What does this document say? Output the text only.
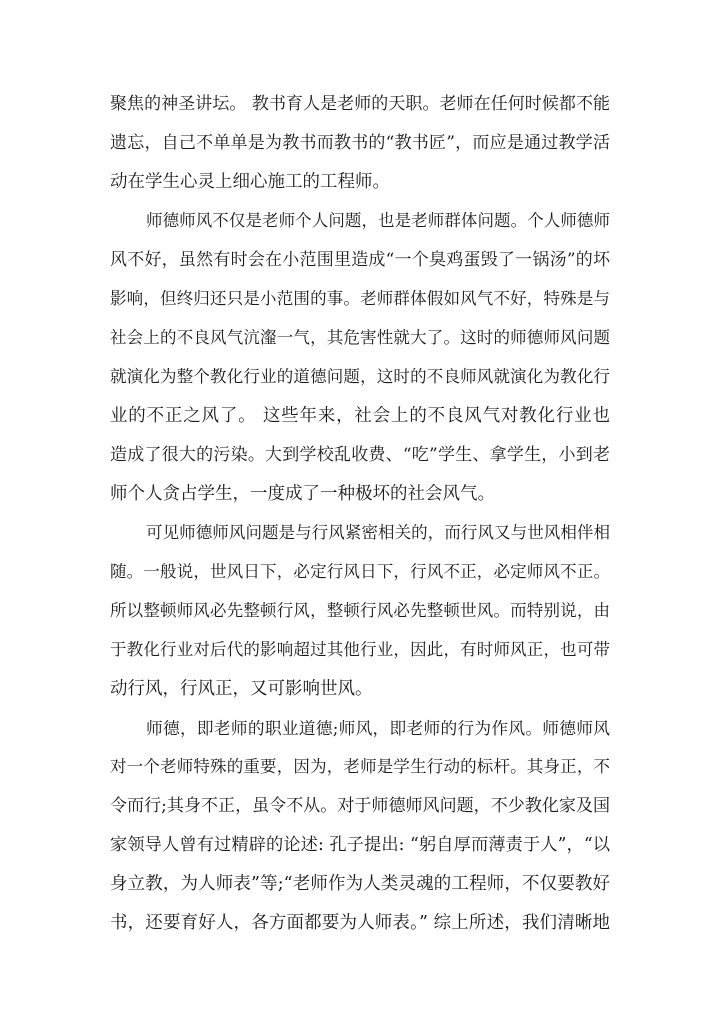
聚焦的神圣讲坛。 教书育人是老师的天职。老师在任何时候都不能
遗忘，自己不单单是为教书而教书的“教书匠”，而应是通过教学活
动在学生心灵上细心施工的工程师。
师德师风不仅是老师个人问题，也是老师群体问题。个人师德师
风不好，虽然有时会在小范围里造成“一个臭鸡蛋毁了一锅汤”的坏
影响，但终归还只是小范围的事。老师群体假如风气不好，特殊是与
社会上的不良风气沆瀣一气，其危害性就大了。这时的师德师风问题
就演化为整个教化行业的道德问题，这时的不良师风就演化为教化行
业的不正之风了。 这些年来，社会上的不良风气对教化行业也
造成了很大的污染。大到学校乱收费、“吃”学生、拿学生，小到老
师个人贪占学生，一度成了一种极坏的社会风气。
可见师德师风问题是与行风紧密相关的，而行风又与世风相伴相
随。一般说，世风日下，必定行风日下，行风不正，必定师风不正。
所以整顿师风必先整顿行风，整顿行风必先整顿世风。而特别说，由
于教化行业对后代的影响超过其他行业，因此，有时师风正，也可带
动行风，行风正，又可影响世风。
师德，即老师的职业道德;师风，即老师的行为作风。师德师风
对一个老师特殊的重要，因为，老师是学生行动的标杆。其身正，不
令而行;其身不正，虽令不从。对于师德师风问题，不少教化家及国
家领导人曾有过精辟的论述: 孔子提出: “躬自厚而薄责于人”，“以
身立教，为人师表”等;“老师作为人类灵魂的工程师，不仅要教好
书，还要育好人，各方面都要为人师表。” 综上所述，我们清晰地
